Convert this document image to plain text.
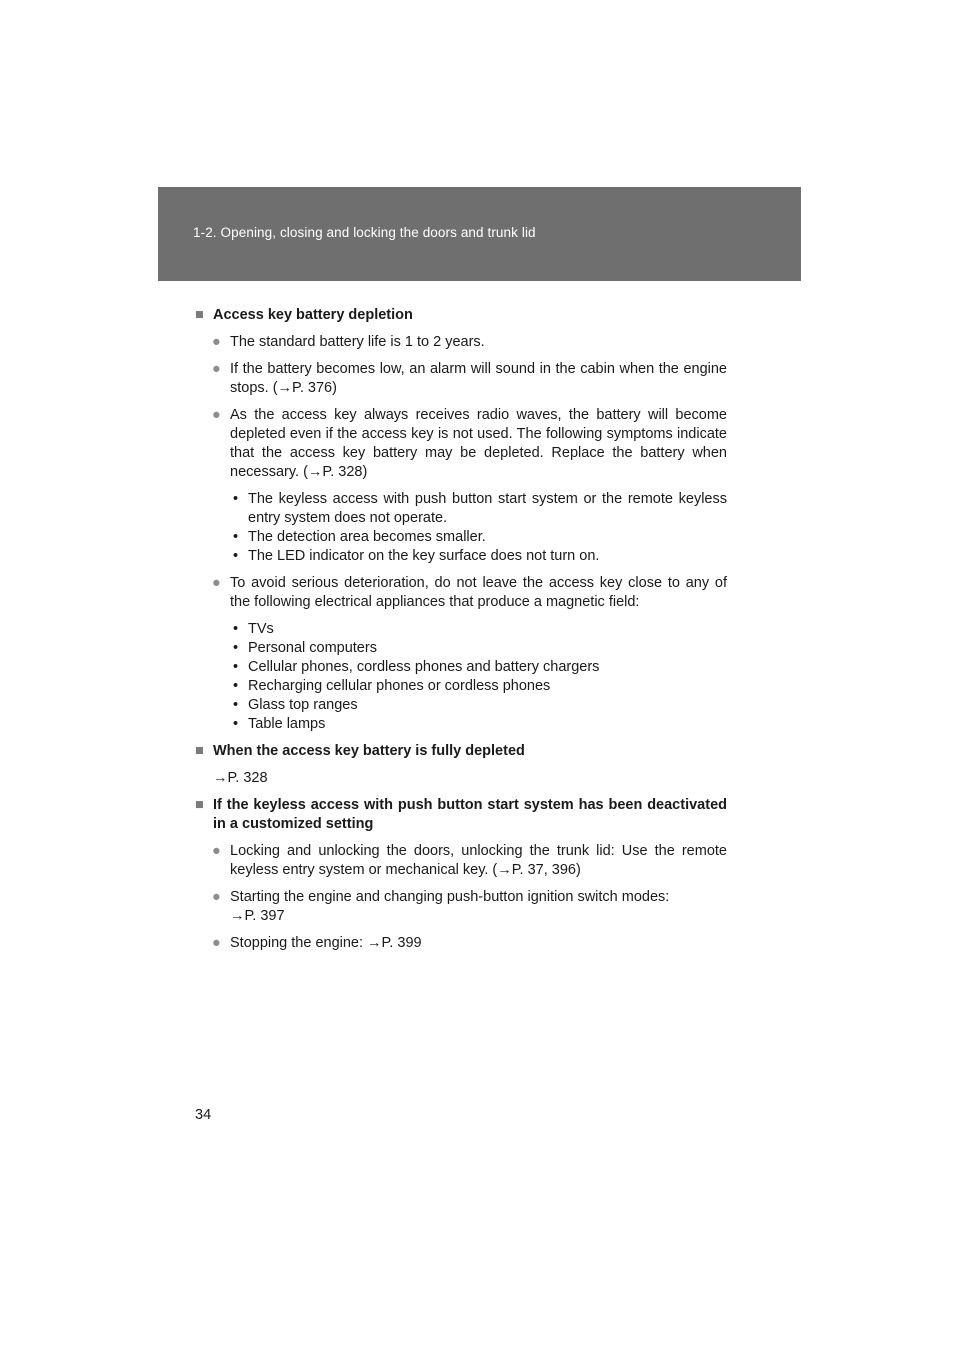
1-2. Opening, closing and locking the doors and trunk lid
■ Access key battery depletion
● The standard battery life is 1 to 2 years.
● If the battery becomes low, an alarm will sound in the cabin when the engine stops. (→P. 376)
● As the access key always receives radio waves, the battery will become depleted even if the access key is not used. The following symptoms indicate that the access key battery may be depleted. Replace the battery when necessary. (→P. 328)
• The keyless access with push button start system or the remote keyless entry system does not operate.
• The detection area becomes smaller.
• The LED indicator on the key surface does not turn on.
● To avoid serious deterioration, do not leave the access key close to any of the following electrical appliances that produce a magnetic field:
• TVs
• Personal computers
• Cellular phones, cordless phones and battery chargers
• Recharging cellular phones or cordless phones
• Glass top ranges
• Table lamps
■ When the access key battery is fully depleted
→P. 328
■ If the keyless access with push button start system has been deactivated in a customized setting
● Locking and unlocking the doors, unlocking the trunk lid: Use the remote keyless entry system or mechanical key. (→P. 37, 396)
● Starting the engine and changing push-button ignition switch modes:
→P. 397
● Stopping the engine: →P. 399
34
